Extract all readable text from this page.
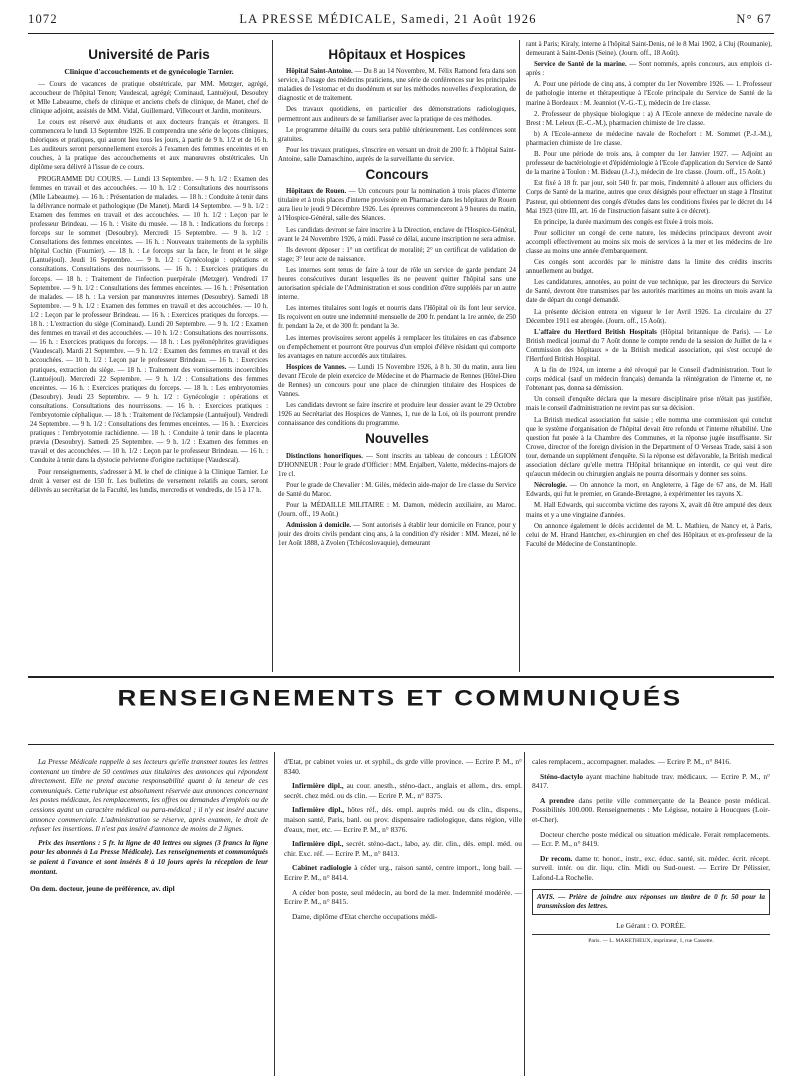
1072	LA PRESSE MÉDICALE, Samedi, 21 Août 1926	N° 67
Université de Paris
Clinique d'accouchements et de gynécologie Tarnier.

— Cours de vacances de pratique obstétricale, par MM. Metzger, agrégé, accoucheur de l'hôpital Tenon; Vaudescal, agrégé; Cominaud, Lantuéjoul, Desoubry et Mlle Labeaume, chefs de clinique et anciens chefs de clinique, de Manet, chef de clinique adjoint, assistés de MM. Vidal, Guillemard, Villecourt et Jardin, moniteurs.

Le cours est réservé aux étudiants et aux docteurs français et étrangers. Il commencera le lundi 13 Septembre 1926. Il comprendra une série de leçons cliniques, théoriques et pratiques, qui auront lieu tous les jours, à partir de 9 h. 1/2 et de 16 h. Les auditeurs seront personnellement exercés à l'examen des femmes enceintes et en couches, à la pratique des accouchements et aux manœuvres obstétricales. Un diplôme sera délivré à l'issue de ce cours.

PROGRAMME DU COURS. — Lundi 13 Septembre. — 9 h. 1/2 : Examen des femmes en travail et des accouchées. — 10 h. 1/2 : Consultations des nourrissons (Mlle Labeaume). — 16 h. : Présentation de malades. — 18 h. : Conduite à tenir dans la délivrance normale et pathologique (De Manet). Mardi 14 Septembre. — 9 h. 1/2 : Examen des femmes en travail et des accouchées. — 10 h. 1/2 : Leçon par le professeur Brindeau. — 16 h. : Visite du musée. — 18 h. : Indications du forceps : forceps sur le sommet (Desoubry). Mercredi 15 Septembre. — 9 h. 1/2 : Consultations des femmes enceintes. — 16 h. : Nouveaux traitements de la syphilis hôpital Cochin (Fournier). — 18 h. : Le forceps sur la face, le front et le siège (Lantuéjoul). Jeudi 16 Septembre. — 9 h. 1/2 : Gynécologie : opérations et consultations. Consultations des nourrissons. — 16 h. : Exercices pratiques du forceps. — 18 h. : Traitement de l'infection puerpérale (Metzger). Vendredi 17 Septembre. — 9 h. 1/2 : Consultations des femmes enceintes. — 16 h. : Présentation de malades. — 18 h. : La version par manœuvres internes (Desoubry). Samedi 18 Septembre. — 9 h. 1/2 : Examen des femmes en travail et des accouchées. — 10 h. 1/2 : Leçon par le professeur Brindeau. — 16 h. : Exercices pratiques du forceps. — 18 h. : L'extraction du siège (Cominaud). Lundi 20 Septembre. — 9 h. 1/2 : Examen des femmes en travail et des accouchées. — 10 h. 1/2 : Consultations des nourrissons. — 16 h. : Exercices pratiques du forceps. — 18 h. : Les pyélonéphrites gravidiques (Vaudescal). Mardi 21 Septembre. — 9 h. 1/2 : Examen des femmes en travail et des accouchées. — 10 h. 1/2 : Leçon par le professeur Brindeau. — 16 h. : Exercices pratiques, extraction du siège. — 18 h. : Traitement des vomissements incoercibles (Lantuéjoul). Mercredi 22 Septembre. — 9 h. 1/2 : Consultations des femmes enceintes. — 16 h. : Exercices pratiques du forceps. — 18 h. : Les embryotomies (Desoubry). Jeudi 23 Septembre. — 9 h. 1/2 : Gynécologie : opérations et consultations. Consultations des nourrissons. — 16 h. : Exercices pratiques : l'embryotomie céphalique. — 18 h. : Traitement de l'éclampsie (Lantuéjoul). Vendredi 24 Septembre. — 9 h. 1/2 : Consultations des femmes enceintes. — 16 h. : Exercices pratiques : l'embryotomie rachidienne. — 18 h. : Conduite à tenir dans le placenta prævia (Desoubry). Samedi 25 Septembre. — 9 h. 1/2 : Examen des femmes en travail et des accouchées. — 10 h. 1/2 : Leçon par le professeur Brindeau. — 16 h. : Conduite à tenir dans la dystocie pelvienne d'origine rachitique (Vaudescal).

Pour renseignements, s'adresser à M. le chef de clinique à la Clinique Tarnier. Le droit à verser est de 150 fr. Les bulletins de versement relatifs au cours, seront délivrés au secrétariat de la Faculté, les lundis, mercredis et vendredis, de 15 à 17 h.

Hôpitaux et Hospices

Hôpital Saint-Antoine. — Du 8 au 14 Novembre, M. Félix Ramond fera dans son service, à l'usage des médecins praticiens, une série de conférences sur les principales maladies de l'estomac et du duodénum et sur les méthodes nouvelles d'exploration, de diagnostic et de traitement.

Des travaux quotidiens, en particulier des démonstrations radiologiques, permettront aux auditeurs de se familiariser avec la pratique de ces méthodes.

Le programme détaillé du cours sera publié ultérieurement. Les conférences sont gratuites.

Pour les travaux pratiques, s'inscrire en versant un droit de 200 fr. à l'hôpital Saint-Antoine, salle Damaschino, auprès de la surveillante du service.

Concours

Hôpitaux de Rouen. — Un concours pour la nomination à trois places d'interne titulaire et à trois places d'interne provisoire en Pharmacie dans les hôpitaux de Rouen aura lieu le jeudi 9 Décembre 1926. Les épreuves commenceront à 9 heures du matin, à l'Hospice-Général, salle des Séances.

Les candidats devront se faire inscrire à la Direction, enclave de l'Hospice-Général, avant le 24 Novembre 1926, à midi. Passé ce délai, aucune inscription ne sera admise.

Ils devront déposer : 1° un certificat de moralité; 2° un certificat de validation de stage; 3° leur acte de naissance.

Les internes sont tenus de faire à tour de rôle un service de garde pendant 24 heures consécutives durant lesquelles ils ne peuvent quitter l'hôpital sans une autorisation spéciale de l'Administration et sous condition d'être suppléés par un autre interne.

Les internes titulaires sont logés et nourris dans l'Hôpital où ils font leur service. Ils reçoivent en outre une indemnité mensuelle de 200 fr. pendant la 1re année, de 250 fr. pendant la 2e, et de 300 fr. pendant la 3e.

Les internes provisoires seront appelés à remplacer les titulaires en cas d'absence ou d'empêchement et pourront être pourvus d'un emploi d'élève résidant qui comporte les avantages en nature accordés aux titulaires.

Hospices de Vannes. — Lundi 15 Novembre 1926, à 8 h. 30 du matin, aura lieu devant l'Ecole de plein exercice de Médecine et de Pharmacie de Rennes (Hôtel-Dieu de Rennes) un concours pour une place de chirurgien titulaire des Hospices de Vannes.

Les candidats devront se faire inscrire et produire leur dossier avant le 29 Octobre 1926 au Secrétariat des Hospices de Vannes, 1, rue de la Loi, où ils pourront prendre connaissance des conditions du programme.

Nouvelles

Distinctions honorifiques. — Sont inscrits au tableau de concours : LÉGION D'HONNEUR : Pour le grade d'Officier : MM. Enjalbert, Valette, médecins-majors de 1re cl.

Pour le grade de Chevalier : M. Gilès, médecin aide-major de 1re classe du Service de Santé du Maroc.

Pour la MÉDAILLE MILITAIRE : M. Damon, médecin auxiliaire, au Maroc. (Journ. off., 19 Août.)

Admission à domicile. — Sont autorisés à établir leur domicile en France, pour y jouir des droits civils pendant cinq ans, à la condition d'y résider : MM. Mezei, né le 1er Août 1888, à Zvolen (Tchécoslovaquie), demeurant

rant à Paris; Kiraly, interne à l'hôpital Saint-Denis, né le 8 Mai 1902, à Cluj (Roumanie), demeurant à Saint-Denis (Seine). (Journ. off., 18 Août).

Service de Santé de la marine. — Sont nommés, après concours, aux emplois ci-après :

A. Pour une période de cinq ans, à compter du 1er Novembre 1926. — 1. Professeur de pathologie interne et thérapeutique à l'Ecole principale du Service de Santé de la marine à Bordeaux : M. Jeanniot (V.-G.-T.), médecin de 1re classe.

2. Professeur de physique biologique : a) A l'Ecole annexe de médecine navale de Brest : M. Leleux (E.-C.-M.), pharmacien chimiste de 1re classe.

b) A l'Ecole-annexe de médecine navale de Rochefort : M. Sommet (P.-J.-M.), pharmacien chimiste de 1re classe.

B. Pour une période de trois ans, à compter du 1er Janvier 1927. — Adjoint au professeur de bactériologie et d'épidémiologie à l'Ecole d'application du Service de Santé de la marine à Toulon : M. Bideau (J.-J.), médecin de 1re classe. (Journ. off., 15 Août.)

Est fixé à 18 fr. par jour, soit 540 fr. par mois, l'indemnité à allouer aux officiers du Corps de Santé de la marine, autres que ceux désignés pour effectuer un stage à l'Institut Pasteur, qui obtiennent des congés d'études dans les conditions fixées par le décret du 14 Mai 1923 (titre III, art. 16 de l'instruction faisant suite à ce décret).

En principe, la durée maximum des congés est fixée à trois mois.

Pour solliciter un congé de cette nature, les médecins principaux devront avoir accompli effectivement au moins six mois de services à la mer et les médecins de 1re classe au moins une année d'embarquement.

Ces congés sont accordés par le ministre dans la limite des crédits inscrits annuellement au budget.

Les candidatures, annotées, au point de vue technique, par les directeurs du Service de Santé, devront être transmises par les autorités maritimes au moins un mois avant la date de départ du congé demandé.

La présente décision entrera en vigueur le 1er Avril 1926. La circulaire du 27 Décembre 1911 est abrogée. (Journ. off., 15 Août).

L'affaire du Hertford British Hospitals (Hôpital britannique de Paris). — Le British medical journal du 7 Août donne le compte rendu de la session de Juillet de la « Commission des hôpitaux » de la British medical association, qui s'est occupé de l'Hertford British Hospital.

A la fin de 1924, un interne a été révoqué par le Conseil d'administration. Tout le corps médical (sauf un médecin français) demanda la réintégration de l'interne et, ne l'obtenant pas, donna sa démission.

Un conseil d'enquête déclara que la mesure disciplinaire prise n'était pas justifiée, mais le conseil d'administration ne revint pas sur sa décision.

La British medical association fut saisie ; elle nomma une commission qui conclut que le système d'organisation de l'hôpital devait être refondu et l'interne réhabilité. Une question fut posée à la Chambre des Communes, et la réponse jugée insuffisante. Sir Crowe, director of the foreign division in the Department of O Verseas Trade, saisi à son tour, demande un supplément d'enquête. Si la réponse est défavorable, la British medical association déclare qu'elle mettra l'Hôpital britannique en interdit, ce qui veut dire qu'aucun médecin ou chirurgien anglais ne pourra désormais y donner ses soins.

Nécrologie. — On annonce la mort, en Angleterre, à l'âge de 67 ans, de M. Hall Edwards, qui fut le premier, en Grande-Bretagne, à expérimenter les rayons X.

M. Hall Edwards, qui succomba victime des rayons X, avait dû être amputé des deux mains et y a une vingtaine d'années.

On annonce également le décès accidentel de M. L. Mathieu, de Nancy et, à Paris, celui de M. Hrand Hantcher, ex-chirurgien en chef des Hôpitaux et ex-professeur de la Faculté de Médecine de Constantinople.

RENSEIGNEMENTS ET COMMUNIQUÉS

La Presse Médicale rappelle à ses lecteurs qu'elle transmet toutes les lettres contenant un timbre de 50 centimes aux titulaires des annonces qui répondent directement. Elle ne prend aucune responsabilité quant à la teneur de ces communiqués. Cette rubrique est absolument réservée aux annonces concernant les postes médicaux, les remplacements, les offres ou demandes d'emplois ou de cessions ayant un caractère médical ou para-médical ; il n'y est inséré aucune annonce commerciale. L'administration se réserve, après examen, le droit de refuser les insertions. Il n'est pas inséré d'annonce de moins de 2 lignes.

Prix des insertions : 5 fr. la ligne de 40 lettres ou signes (3 francs la ligne pour les abonnés à La Presse Médicale). Les renseignements et communiqués se paient à l'avance et sont insérés 8 à 10 jours après la réception de leur montant.

On dem. docteur, jeune de préférence, av. dipl

d'Etat, pr cabinet voies ur. et syphil., ds grde ville province. — Ecrire P. M., n° 8340.

Infirmière dipl., au cour. anesth., sténo-dact., anglais et allem., drs. empl. secrét. chez méd. ou ds clin. — Ecrire P. M., n° 8375.

Infirmière dipl., hôtes réf., dés. empl. auprès méd. ou ds clin., dispens., maison santé, Paris, banl. ou prov. dispensaire radiologique, dans région, ville d'eaux, mer, etc. — Ecrire P. M., n° 8376.

Infirmière dipl., secrét. sténo-dact., labo, ay. dir. clin., dés. empl. méd. ou chir. Exc. réf. — Ecrire P. M., n° 8413.

Cabinet radiologie à céder urg., raison santé, centre import., long bail. — Ecrire P. M., n° 8414.

A céder bon poste, seul médecin, au bord de la mer. Indemnité modérée. — Ecrire P. M., n° 8415.

Dame, diplôme d'Etat cherche occupations médi-

cales remplacem., accompagner. malades. — Ecrire P. M., n° 8416.

Sténo-dactylo ayant machine habitude trav. médicaux. — Ecrire P. M., n° 8417.

A prendre dans petite ville commerçante de la Beauce poste médical. Possibilités 100.000. Renseignements : Me Légisse, notaire à Houcques (Loir-et-Cher).

Docteur cherche poste médical ou situation médicale. Ferait remplacements. — Ecr. P. M., n° 8419.

Dr recom. dame tr. honor., instr., exc. éduc. santé, sit. médec. écrit. récept. surveil. intér. ou dir. liqu. clin. Midi ou Sud-ouest. — Ecrire Dr Pélissier, Lafond-La Rochelle.

AVIS. — Prière de joindre aux réponses un timbre de 0 fr. 50 pour la transmission des lettres.
Le Gérant : O. PORÉE.
Paris. — L. MARETHEUX, imprimeur, 1, rue Cassette.
